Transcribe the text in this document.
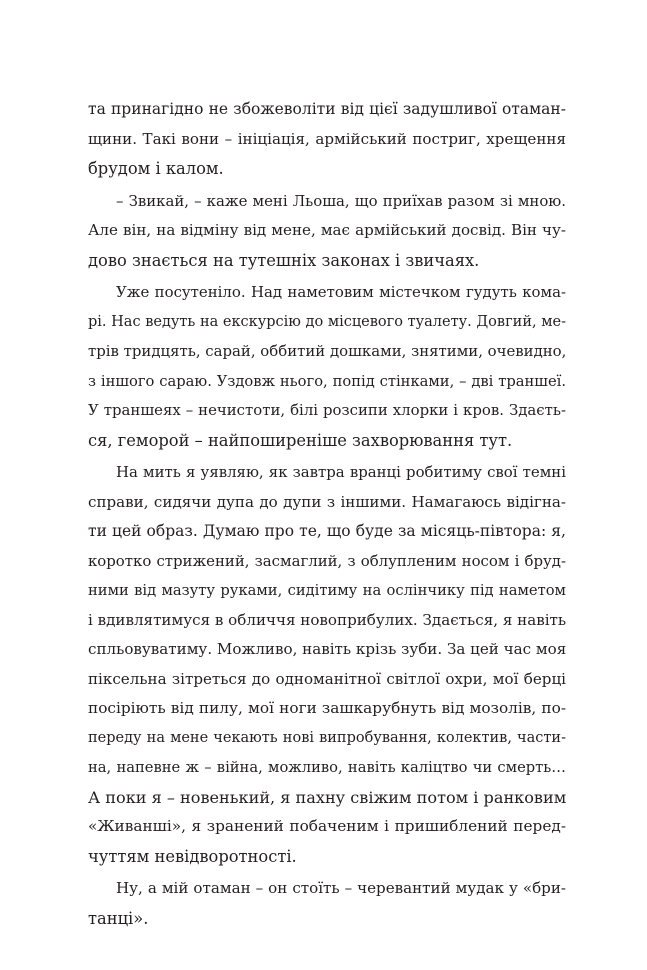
та принагідно не збожеволіти від цієї задушливої отаман-
щини. Такі вони – ініціація, армійський постриг, хрещення
брудом і калом.
– Звикай, – каже мені Льоша, що приїхав разом зі мною.
Але він, на відміну від мене, має армійський досвід. Він чу-
дово знається на тутешніх законах і звичаях.
Уже посутеніло. Над наметовим містечком гудуть кома-
рі. Нас ведуть на екскурсію до місцевого туалету. Довгий, ме-
трів тридцять, сарай, оббитий дошками, знятими, очевидно,
з іншого сараю. Уздовж нього, попід стінками, – дві траншеї.
У траншеях – нечистоти, білі розсипи хлорки і кров. Здаєть-
ся, геморой – найпоширеніше захворювання тут.
На мить я уявляю, як завтра вранці робитиму свої темні
справи, сидячи дупа до дупи з іншими. Намагаюсь відігна-
ти цей образ. Думаю про те, що буде за місяць-півтора: я,
коротко стрижений, засмаглий, з облупленим носом і бруд-
ними від мазуту руками, сидітиму на ослінчику під наметом
і вдивлятимуся в обличчя новоприбулих. Здається, я навіть
спльовуватиму. Можливо, навіть крізь зуби. За цей час моя
піксельна зітреться до одноманітної світлої охри, мої берці
посіріють від пилу, мої ноги зашкарубнуть від мозолів, по-
переду на мене чекають нові випробування, колектив, части-
на, напевне ж – війна, можливо, навіть каліцтво чи смерть…
А поки я – новенький, я пахну свіжим потом і ранковим
«Живанші», я зранений побаченим і пришиблений перед-
чуттям невідворотності.
Ну, а мій отаман – он стоїть – черевантий мудак у «бри-
танці».
